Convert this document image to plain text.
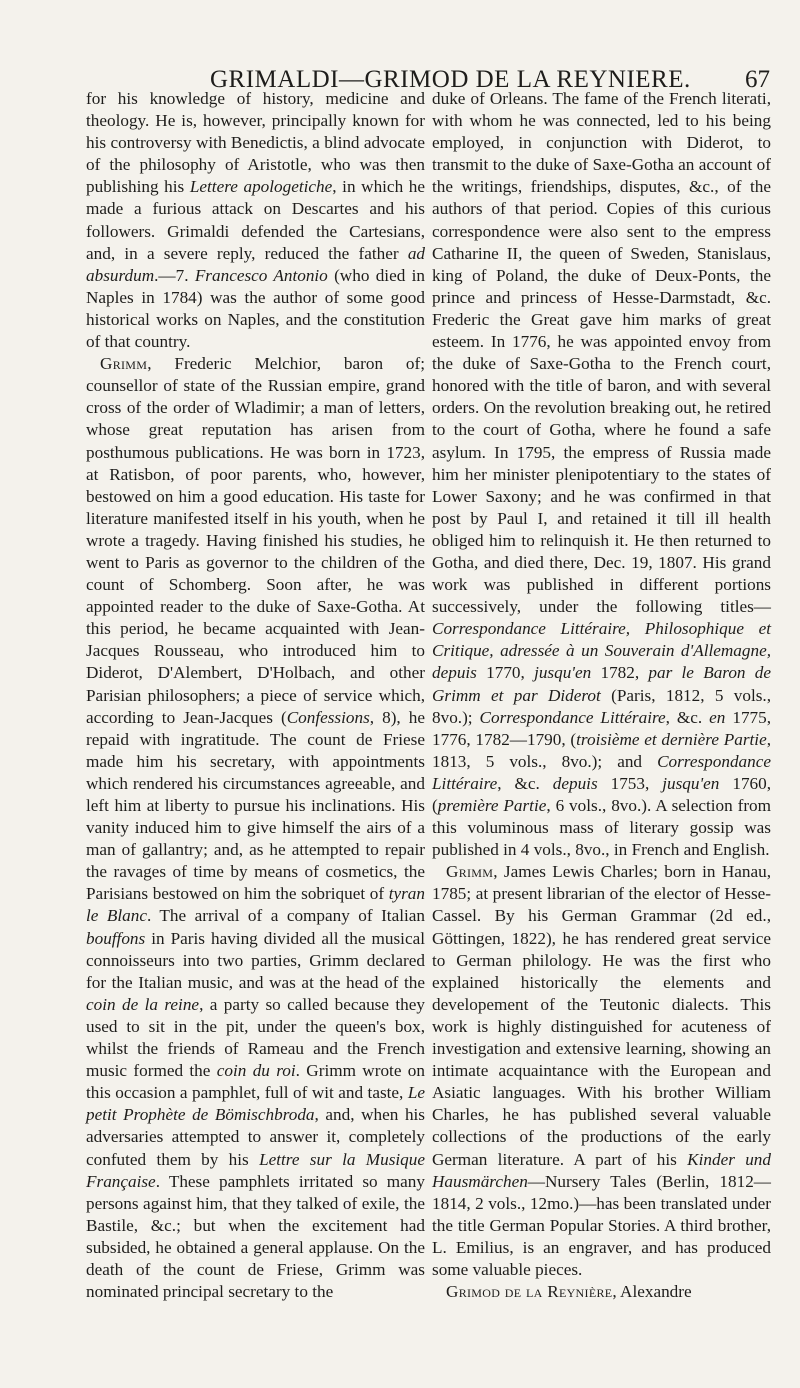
GRIMALDI—GRIMOD DE LA REYNIERE. 67

for his knowledge of history, medicine and theology. He is, however, principally known for his controversy with Benedictis, a blind advocate of the philosophy of Aristotle, who was then publishing his Lettere apologetiche, in which he made a furious attack on Descartes and his followers. Grimaldi defended the Cartesians, and, in a severe reply, reduced the father ad absurdum.—7. Francesco Antonio (who died in Naples in 1784) was the author of some good historical works on Naples, and the constitution of that country.

Grimm, Frederic Melchior, baron of; counsellor of state of the Russian empire, grand cross of the order of Wladimir; a man of letters, whose great reputation has arisen from posthumous publications. He was born in 1723, at Ratisbon, of poor parents, who, however, bestowed on him a good education. His taste for literature manifested itself in his youth, when he wrote a tragedy. Having finished his studies, he went to Paris as governor to the children of the count of Schomberg. Soon after, he was appointed reader to the duke of Saxe-Gotha. At this period, he became acquainted with Jean-Jacques Rousseau, who introduced him to Diderot, D'Alembert, D'Holbach, and other Parisian philosophers; a piece of service which, according to Jean-Jacques (Confessions, 8), he repaid with ingratitude. The count de Friese made him his secretary, with appointments which rendered his circumstances agreeable, and left him at liberty to pursue his inclinations. His vanity induced him to give himself the airs of a man of gallantry; and, as he attempted to repair the ravages of time by means of cosmetics, the Parisians bestowed on him the sobriquet of tyran le Blanc. The arrival of a company of Italian bouffons in Paris having divided all the musical connoisseurs into two parties, Grimm declared for the Italian music, and was at the head of the coin de la reine, a party so called because they used to sit in the pit, under the queen's box, whilst the friends of Rameau and the French music formed the coin du roi. Grimm wrote on this occasion a pamphlet, full of wit and taste, Le petit Prophète de Bömischbroda, and, when his adversaries attempted to answer it, completely confuted them by his Lettre sur la Musique Française. These pamphlets irritated so many persons against him, that they talked of exile, the Bastile, &c.; but when the excitement had subsided, he obtained a general applause. On the death of the count de Friese, Grimm was nominated principal secretary to the

duke of Orleans. The fame of the French literati, with whom he was connected, led to his being employed, in conjunction with Diderot, to transmit to the duke of Saxe-Gotha an account of the writings, friendships, disputes, &c., of the authors of that period. Copies of this curious correspondence were also sent to the empress Catharine II, the queen of Sweden, Stanislaus, king of Poland, the duke of Deux-Ponts, the prince and princess of Hesse-Darmstadt, &c. Frederic the Great gave him marks of great esteem. In 1776, he was appointed envoy from the duke of Saxe-Gotha to the French court, honored with the title of baron, and with several orders. On the revolution breaking out, he retired to the court of Gotha, where he found a safe asylum. In 1795, the empress of Russia made him her minister plenipotentiary to the states of Lower Saxony; and he was confirmed in that post by Paul I, and retained it till ill health obliged him to relinquish it. He then returned to Gotha, and died there, Dec. 19, 1807. His grand work was published in different portions successively, under the following titles—Correspondance Littéraire, Philosophique et Critique, adressée à un Souverain d'Allemagne, depuis 1770, jusqu'en 1782, par le Baron de Grimm et par Diderot (Paris, 1812, 5 vols., 8vo.); Correspondance Littéraire, &c. en 1775, 1776, 1782—1790, (troisième et dernière Partie, 1813, 5 vols., 8vo.); and Correspondance Littéraire, &c. depuis 1753, jusqu'en 1760, (première Partie, 6 vols., 8vo.). A selection from this voluminous mass of literary gossip was published in 4 vols., 8vo., in French and English.

Grimm, James Lewis Charles; born in Hanau, 1785; at present librarian of the elector of Hesse-Cassel. By his German Grammar (2d ed., Göttingen, 1822), he has rendered great service to German philology. He was the first who explained historically the elements and developement of the Teutonic dialects. This work is highly distinguished for acuteness of investigation and extensive learning, showing an intimate acquaintance with the European and Asiatic languages. With his brother William Charles, he has published several valuable collections of the productions of the early German literature. A part of his Kinder und Hausmärchen—Nursery Tales (Berlin, 1812—1814, 2 vols., 12mo.)—has been translated under the title German Popular Stories. A third brother, L. Emilius, is an engraver, and has produced some valuable pieces.

Grimod de la Reynière, Alexandre
